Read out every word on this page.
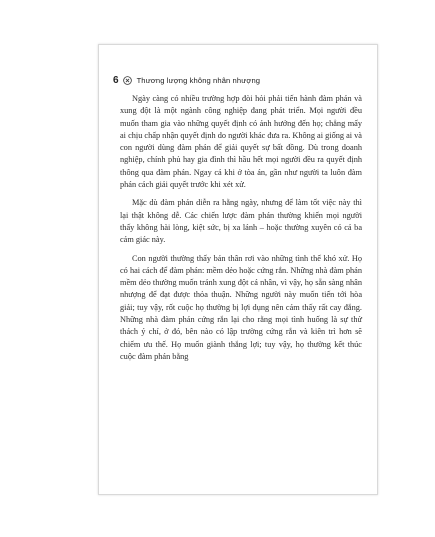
6 Thương lượng không nhân nhượng

Ngày càng có nhiều trường hợp đòi hỏi phải tiến hành đàm phán và xung đột là một ngành công nghiệp đang phát triển. Mọi người đều muốn tham gia vào những quyết định có ảnh hưởng đến họ; chẳng mấy ai chịu chấp nhận quyết định do người khác đưa ra. Không ai giống ai và con người dùng đàm phán để giải quyết sự bất đồng. Dù trong doanh nghiệp, chính phủ hay gia đình thì hầu hết mọi người đều ra quyết định thông qua đàm phán. Ngay cả khi ở tòa án, gần như người ta luôn đàm phán cách giải quyết trước khi xét xử.

Mặc dù đàm phán diễn ra hằng ngày, nhưng để làm tốt việc này thì lại thật không dễ. Các chiến lược đàm phán thường khiến mọi người thấy không hài lòng, kiệt sức, bị xa lánh – hoặc thường xuyên có cả ba cảm giác này.

Con người thường thấy bản thân rơi vào những tình thế khó xử. Họ có hai cách để đàm phán: mềm dẻo hoặc cứng rắn. Những nhà đàm phán mềm dẻo thường muốn tránh xung đột cá nhân, vì vậy, họ sẵn sàng nhân nhượng để đạt được thỏa thuận. Những người này muốn tiến tới hòa giải; tuy vậy, rốt cuộc họ thường bị lợi dụng nên cảm thấy rất cay đắng. Những nhà đàm phán cứng rắn lại cho rằng mọi tình huống là sự thử thách ý chí, ở đó, bên nào có lập trường cứng rắn và kiên trì hơn sẽ chiếm ưu thế. Họ muốn giành thắng lợi; tuy vậy, họ thường kết thúc cuộc đàm phán bằng
